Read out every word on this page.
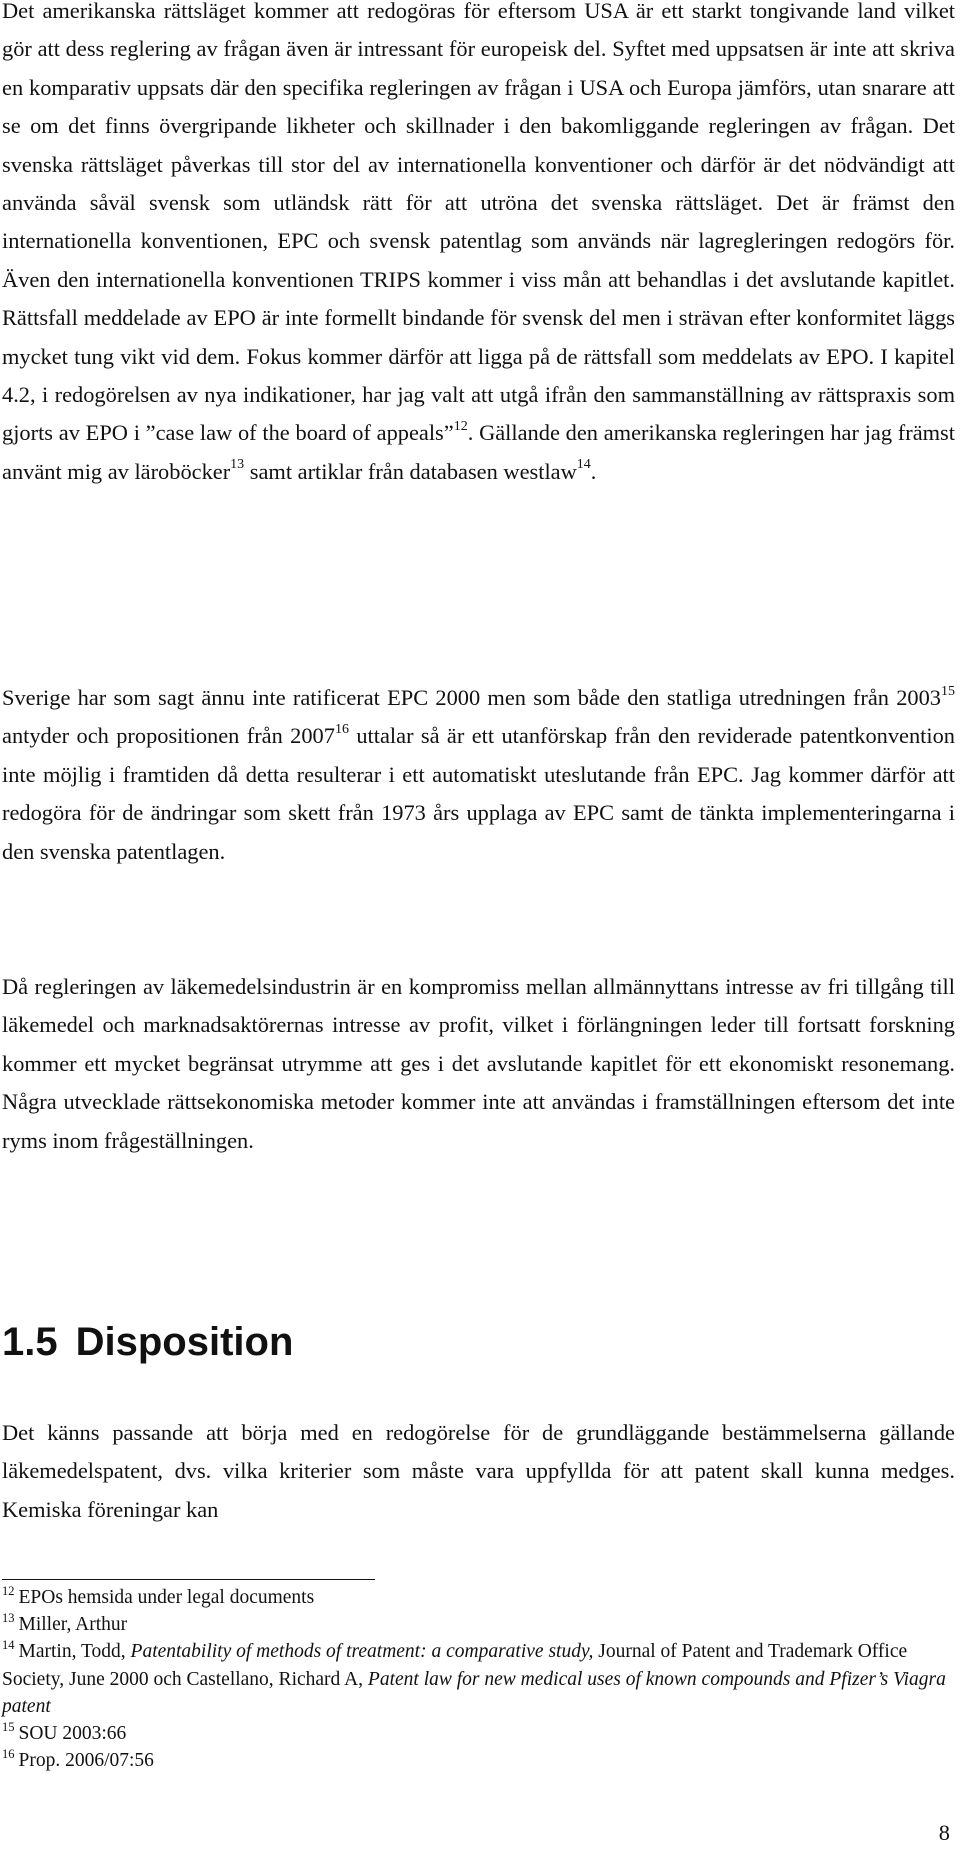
Det amerikanska rättsläget kommer att redogöras för eftersom USA är ett starkt tongivande land vilket gör att dess reglering av frågan även är intressant för europeisk del. Syftet med uppsatsen är inte att skriva en komparativ uppsats där den specifika regleringen av frågan i USA och Europa jämförs, utan snarare att se om det finns övergripande likheter och skillnader i den bakomliggande regleringen av frågan. Det svenska rättsläget påverkas till stor del av internationella konventioner och därför är det nödvändigt att använda såväl svensk som utländsk rätt för att utröna det svenska rättsläget. Det är främst den internationella konventionen, EPC och svensk patentlag som används när lagregleringen redogörs för. Även den internationella konventionen TRIPS kommer i viss mån att behandlas i det avslutande kapitlet. Rättsfall meddelade av EPO är inte formellt bindande för svensk del men i strävan efter konformitet läggs mycket tung vikt vid dem. Fokus kommer därför att ligga på de rättsfall som meddelats av EPO. I kapitel 4.2, i redogörelsen av nya indikationer, har jag valt att utgå ifrån den sammanställning av rättspraxis som gjorts av EPO i ”case law of the board of appeals”$^{12}$. Gällande den amerikanska regleringen har jag främst använt mig av läroböcker$^{13}$ samt artiklar från databasen westlaw$^{14}$.

Sverige har som sagt ännu inte ratificerat EPC 2000 men som både den statliga utredningen från 2003$^{15}$ antyder och propositionen från 2007$^{16}$ uttalar så är ett utanförskap från den reviderade patentkonvention inte möjlig i framtiden då detta resulterar i ett automatiskt uteslutande från EPC. Jag kommer därför att redogöra för de ändringar som skett från 1973 års upplaga av EPC samt de tänkta implementeringarna i den svenska patentlagen.

Då regleringen av läkemedelsindustrin är en kompromiss mellan allmännyttans intresse av fri tillgång till läkemedel och marknadsaktörernas intresse av profit, vilket i förlängningen leder till fortsatt forskning kommer ett mycket begränsat utrymme att ges i det avslutande kapitlet för ett ekonomiskt resonemang. Några utvecklade rättsekonomiska metoder kommer inte att användas i framställningen eftersom det inte ryms inom frågeställningen.

1.5 Disposition

Det känns passande att börja med en redogörelse för de grundläggande bestämmelserna gällande läkemedelspatent, dvs. vilka kriterier som måste vara uppfyllda för att patent skall kunna medges. Kemiska föreningar kan

$^{12}$ EPOs hemsida under legal documents

$^{13}$ Miller, Arthur

$^{14}$ Martin, Todd, Patentability of methods of treatment: a comparative study, Journal of Patent and Trademark Office Society, June 2000 och Castellano, Richard A, Patent law for new medical uses of known compounds and Pfizer’s Viagra patent

$^{15}$ SOU 2003:66

$^{16}$ Prop. 2006/07:56

8
